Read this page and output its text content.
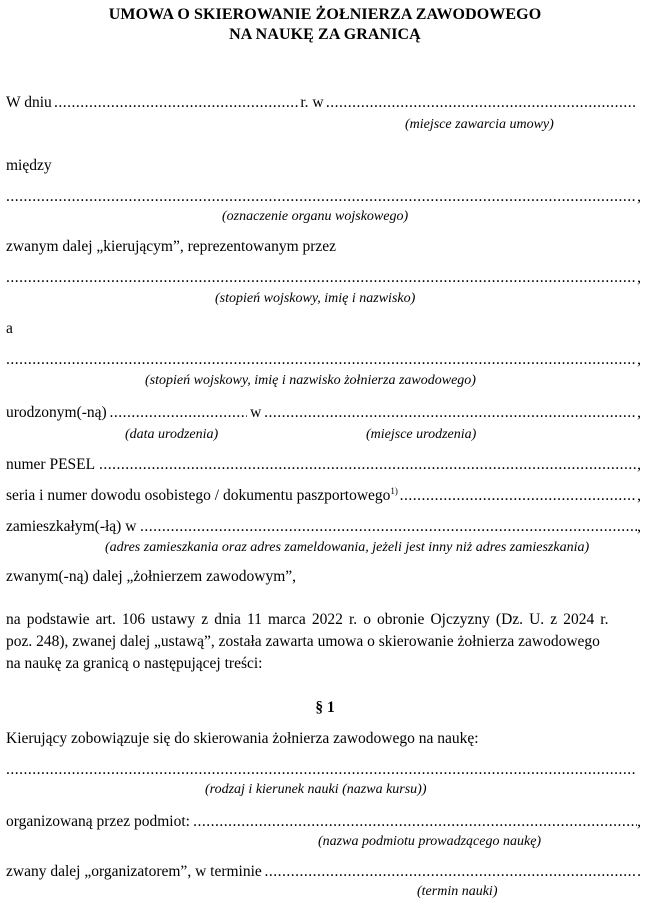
UMOWA O SKIEROWANIE ŻOŁNIERZA ZAWODOWEGO
NA NAUKĘ ZA GRANICĄ
W dniu .....	r. w
.....
(miejsce zawarcia umowy)
między
.....
,
(oznaczenie organu wojskowego)
zwanym dalej „kierującym”, reprezentowanym przez
.....
,
(stopień wojskowy, imię i nazwisko)
a
.....
,
(stopień wojskowy, imię i nazwisko żołnierza zawodowego)
urodzonym(-ną) .....	w .....	,
(data urodzenia)	(miejsce urodzenia)
numer PESEL .....	,
seria i numer dowodu osobistego / dokumentu paszportowego$^{1)}$ .....	,
zamieszkałym(-łą) w .....	,
(adres zamieszkania oraz adres zameldowania, jeżeli jest inny niż adres zamieszkania)
zwanym(-ną) dalej „żołnierzem zawodowym”,
na podstawie art. 106 ustawy z dnia 11 marca 2022 r. o obronie Ojczyzny (Dz. U. z 2024 r.
poz. 248), zwanej dalej „ustawą”, została zawarta umowa o skierowanie żołnierza zawodowego
na naukę za granicą o następującej treści:
§ 1
Kierujący zobowiązuje się do skierowania żołnierza zawodowego na naukę:
.....
(rodzaj i kierunek nauki (nazwa kursu))
organizowaną przez podmiot: .....	,
(nazwa podmiotu prowadzącego naukę)
zwany dalej „organizatorem”, w terminie .....	.
(termin nauki)
